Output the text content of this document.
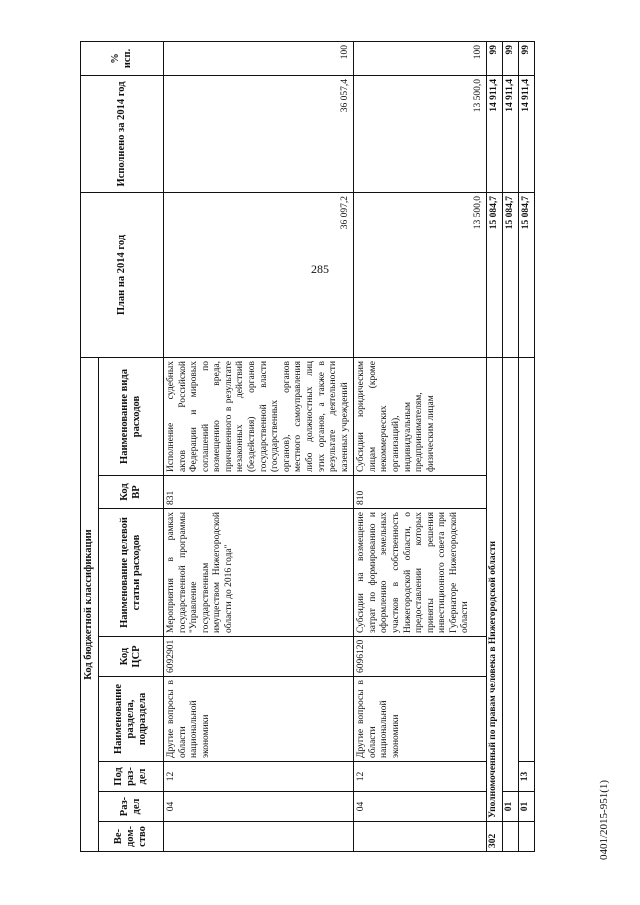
285
Код бюджетной классификации								План на 2014 год	Исполнено за 2014 год	% исп.
Ве-дом-ство	Раз-дел	Под раз-дел	Наименование раздела, подраздела	Код ЦСР	Наименование целевой статьи расходов	Код ВР	Наименование вида расходов			
	04	12	Другие вопросы в области национальной экономики	6092901	Мероприятия в рамках государственной программы "Управление государственным имуществом Нижегородской области до 2016 года"	831	Исполнение судебных актов Российской Федерации и мировых соглашений по возмещению вреда, причиненного в результате незаконных действий (бездействия) органов государственной власти (государственных органов), органов местного самоуправления либо должностных лиц этих органов, а также в результате деятельности казенных учреждений	36 097,2	36 057,4	100
	04	12	Другие вопросы в области национальной экономики	6096120	Субсидии на возмещение затрат по формированию и оформлению земельных участков в собственность Нижегородской области, о предоставлении которых приняты решения инвестиционного совета при Губернаторе Нижегородской области	810	Субсидии юридическим лицам (кроме некоммерческих организаций), индивидуальным предпринимателям, физическим лицам	13 500,0	13 500,0	100
302	Уполномоченный по правам человека в Нижегородской области							15 084,7	14 911,4	99
	01							15 084,7	14 911,4	99
	01	13						15 084,7	14 911,4	99
0401/2015-951(1)
